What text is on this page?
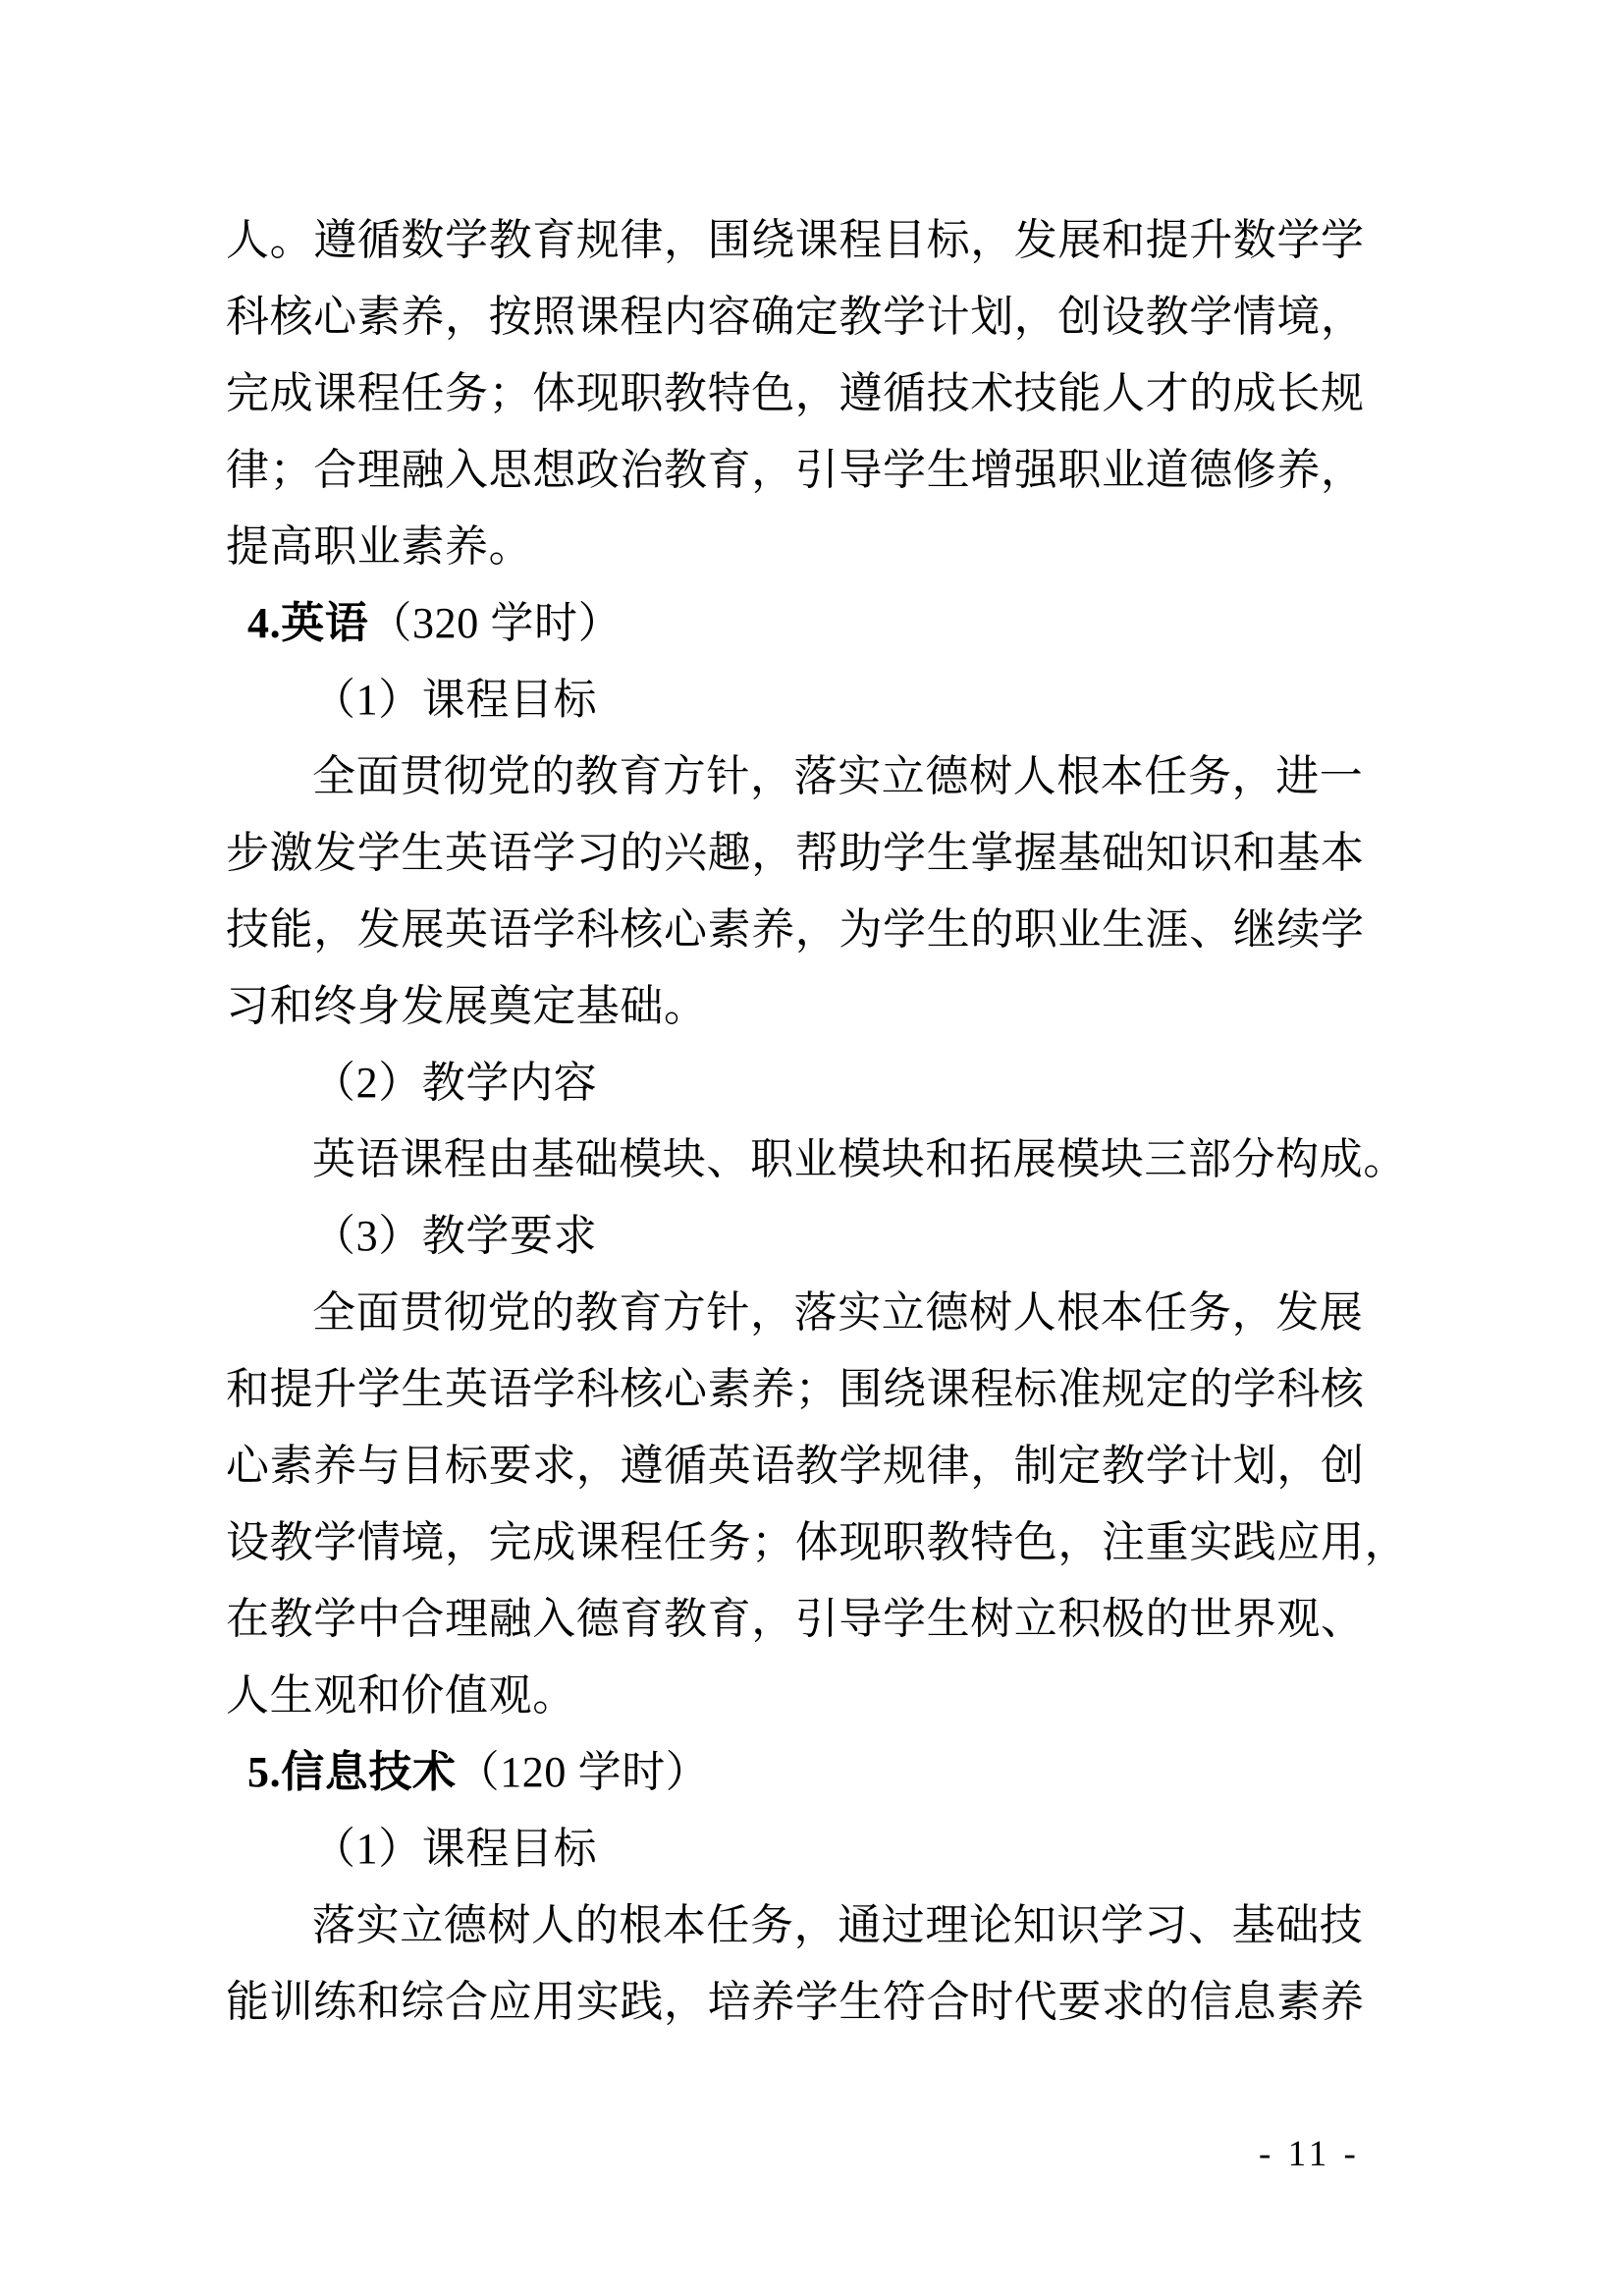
人。遵循数学教育规律，围绕课程目标，发展和提升数学学
科核心素养，按照课程内容确定教学计划，创设教学情境，
完成课程任务；体现职教特色，遵循技术技能人才的成长规
律；合理融入思想政治教育，引导学生增强职业道德修养，
提高职业素养。
4.英语（320 学时）
（1）课程目标
全面贯彻党的教育方针，落实立德树人根本任务，进一
步激发学生英语学习的兴趣，帮助学生掌握基础知识和基本
技能，发展英语学科核心素养，为学生的职业生涯、继续学
习和终身发展奠定基础。
（2）教学内容
英语课程由基础模块、职业模块和拓展模块三部分构成。
（3）教学要求
全面贯彻党的教育方针，落实立德树人根本任务，发展
和提升学生英语学科核心素养；围绕课程标准规定的学科核
心素养与目标要求，遵循英语教学规律，制定教学计划，创
设教学情境，完成课程任务；体现职教特色，注重实践应用，
在教学中合理融入德育教育，引导学生树立积极的世界观、
人生观和价值观。
5.信息技术（120 学时）
（1）课程目标
落实立德树人的根本任务，通过理论知识学习、基础技
能训练和综合应用实践，培养学生符合时代要求的信息素养
- 11 -
